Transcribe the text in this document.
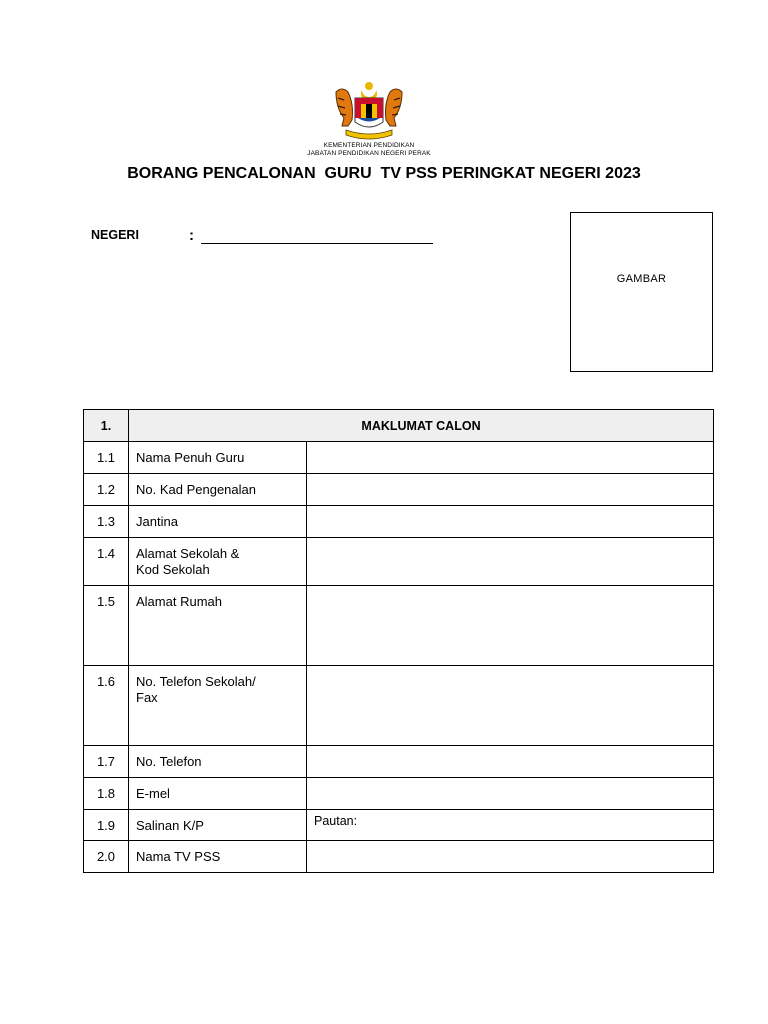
KEMENTERIAN PENDIDIKAN
JABATAN PENDIDIKAN NEGERI PERAK
BORANG PENCALONAN  GURU  TV PSS PERINGKAT NEGERI 2023
NEGERI	:
GAMBAR
1.	MAKLUMAT CALON	
1.1	Nama Penuh Guru	
1.2	No. Kad Pengenalan	
1.3	Jantina	
1.4	Alamat Sekolah &
Kod Sekolah	
1.5	Alamat Rumah	
1.6	No. Telefon Sekolah/
Fax	
1.7	No. Telefon	
1.8	E-mel	
1.9	Salinan K/P	Pautan:
2.0	Nama TV PSS	
